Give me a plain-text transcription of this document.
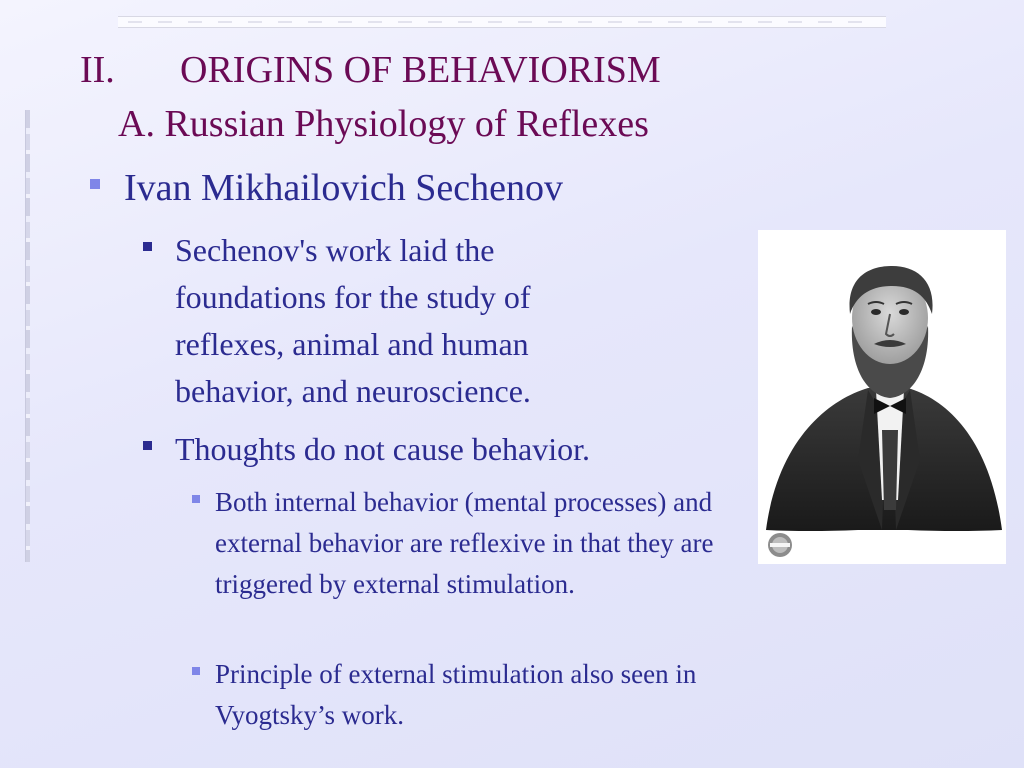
II. ORIGINS OF BEHAVIORISM
A. Russian Physiology of Reflexes
Ivan Mikhailovich Sechenov
Sechenov's work laid the foundations for the study of reflexes, animal and human behavior, and neuroscience.
Thoughts do not cause behavior.
Both internal behavior (mental processes) and external behavior are reflexive in that they are triggered by external stimulation.
Principle of external stimulation also seen in Vyogtsky’s work.
